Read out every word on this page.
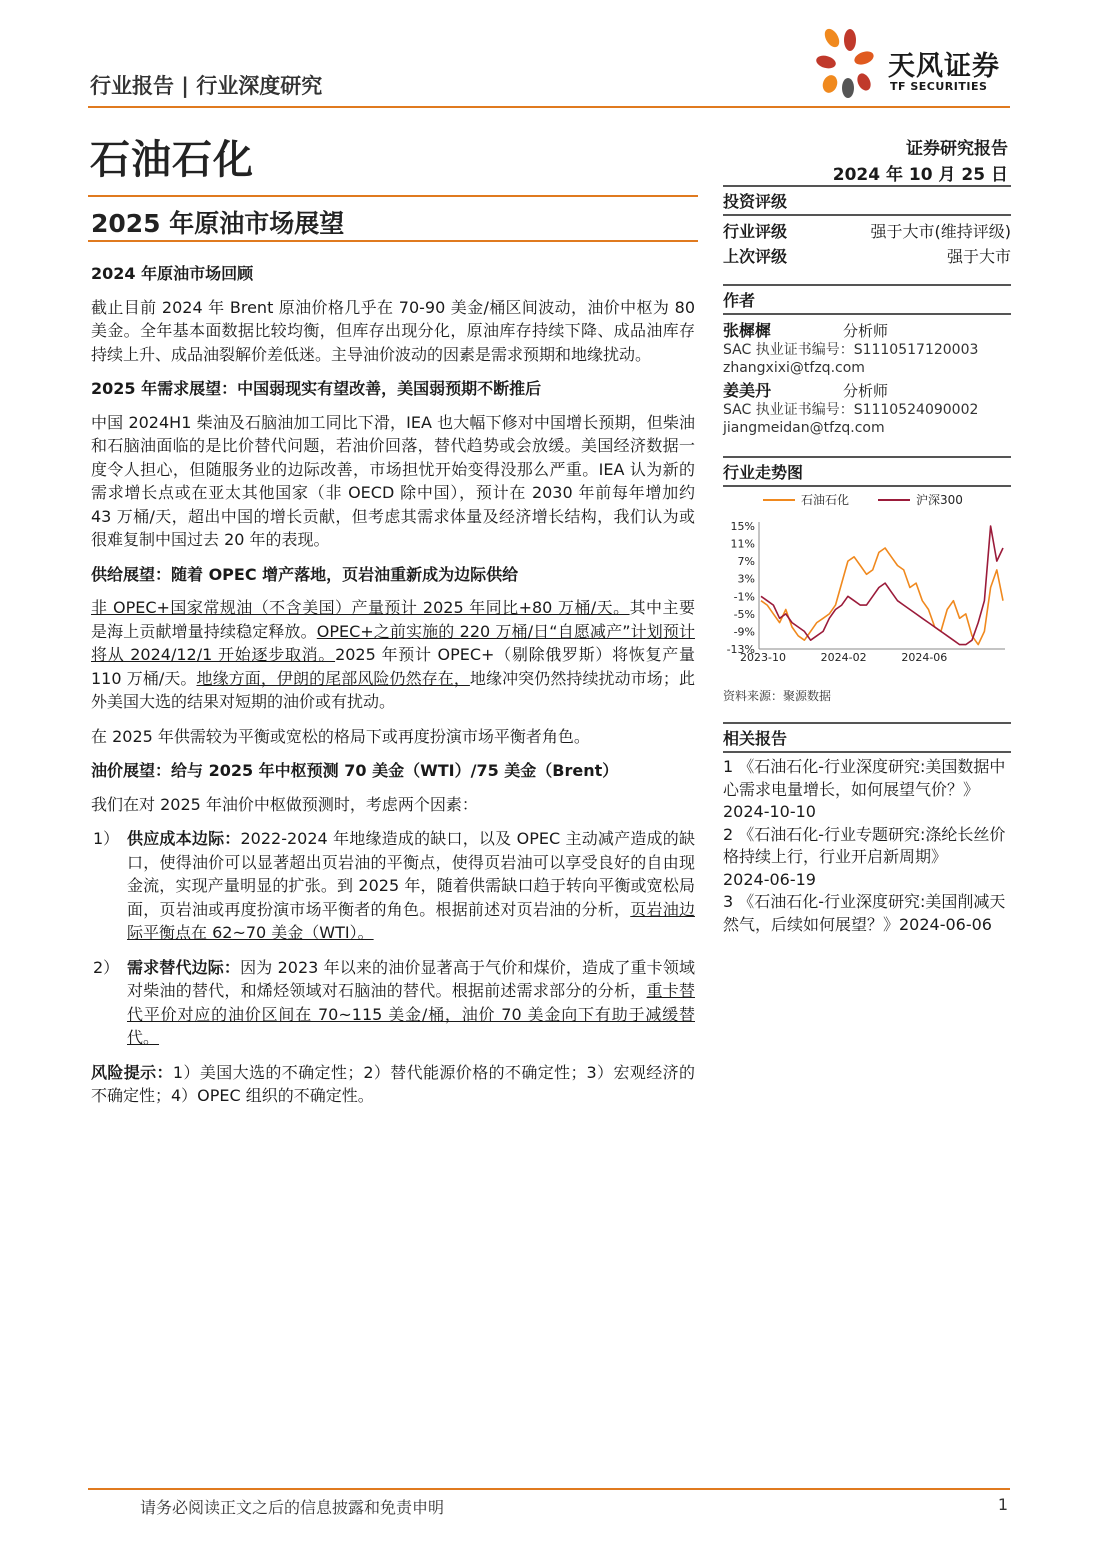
行业报告 | 行业深度研究
天风证券
TF SECURITIES
石油石化	证券研究报告
2024 年 10 月 25 日
2025 年原油市场展望
2024 年原油市场回顾

截止目前 2024 年 Brent 原油价格几乎在 70-90 美金/桶区间波动，油价中枢为 80 美金。全年基本面数据比较均衡，但库存出现分化，原油库存持续下降、成品油库存持续上升、成品油裂解价差低迷。主导油价波动的因素是需求预期和地缘扰动。

2025 年需求展望：中国弱现实有望改善，美国弱预期不断推后

中国 2024H1 柴油及石脑油加工同比下滑，IEA 也大幅下修对中国增长预期，但柴油和石脑油面临的是比价替代问题，若油价回落，替代趋势或会放缓。美国经济数据一度令人担心，但随服务业的边际改善，市场担忧开始变得没那么严重。IEA 认为新的需求增长点或在亚太其他国家（非 OECD 除中国），预计在 2030 年前每年增加约 43 万桶/天，超出中国的增长贡献，但考虑其需求体量及经济增长结构，我们认为或很难复制中国过去 20 年的表现。

供给展望：随着 OPEC 增产落地，页岩油重新成为边际供给

非 OPEC+国家常规油（不含美国）产量预计 2025 年同比+80 万桶/天。其中主要是海上贡献增量持续稳定释放。OPEC+之前实施的 220 万桶/日“自愿减产”计划预计将从 2024/12/1 开始逐步取消。2025 年预计 OPEC+（剔除俄罗斯）将恢复产量 110 万桶/天。地缘方面，伊朗的尾部风险仍然存在，地缘冲突仍然持续扰动市场；此外美国大选的结果对短期的油价或有扰动。

在 2025 年供需较为平衡或宽松的格局下或再度扮演市场平衡者角色。

油价展望：给与 2025 年中枢预测 70 美金（WTI）/75 美金（Brent）

我们在对 2025 年油价中枢做预测时，考虑两个因素：

1） 供应成本边际：2022-2024 年地缘造成的缺口，以及 OPEC 主动减产造成的缺口，使得油价可以显著超出页岩油的平衡点，使得页岩油可以享受良好的自由现金流，实现产量明显的扩张。到 2025 年，随着供需缺口趋于转向平衡或宽松局面，页岩油或再度扮演市场平衡者的角色。根据前述对页岩油的分析，页岩油边际平衡点在 62~70 美金（WTI）。
2） 需求替代边际：因为 2023 年以来的油价显著高于气价和煤价，造成了重卡领域对柴油的替代，和烯烃领域对石脑油的替代。根据前述需求部分的分析，重卡替代平价对应的油价区间在 70~115 美金/桶，油价 70 美金向下有助于减缓替代。

风险提示：1）美国大选的不确定性；2）替代能源价格的不确定性；3）宏观经济的不确定性；4）OPEC 组织的不确定性。

投资评级
行业评级	强于大市(维持评级)
上次评级	强于大市
作者
张樨樨	分析师
SAC 执业证书编号：S1110517120003
zhangxixi@tfzq.com
姜美丹	分析师
SAC 执业证书编号：S1110524090002
jiangmeidan@tfzq.com
行业走势图
石油石化	沪深300
15%
11%
7%
3%
-1%
-5%
-9%
-13%
2023-10	2024-02	2024-06
资料来源：聚源数据
相关报告
1 《石油石化-行业深度研究:美国数据中心需求电量增长，如何展望气价？》
2024-10-10
2 《石油石化-行业专题研究:涤纶长丝价格持续上行，行业开启新周期》
2024-06-19
3 《石油石化-行业深度研究:美国削减天然气，后续如何展望？》2024-06-06
请务必阅读正文之后的信息披露和免责申明	1
